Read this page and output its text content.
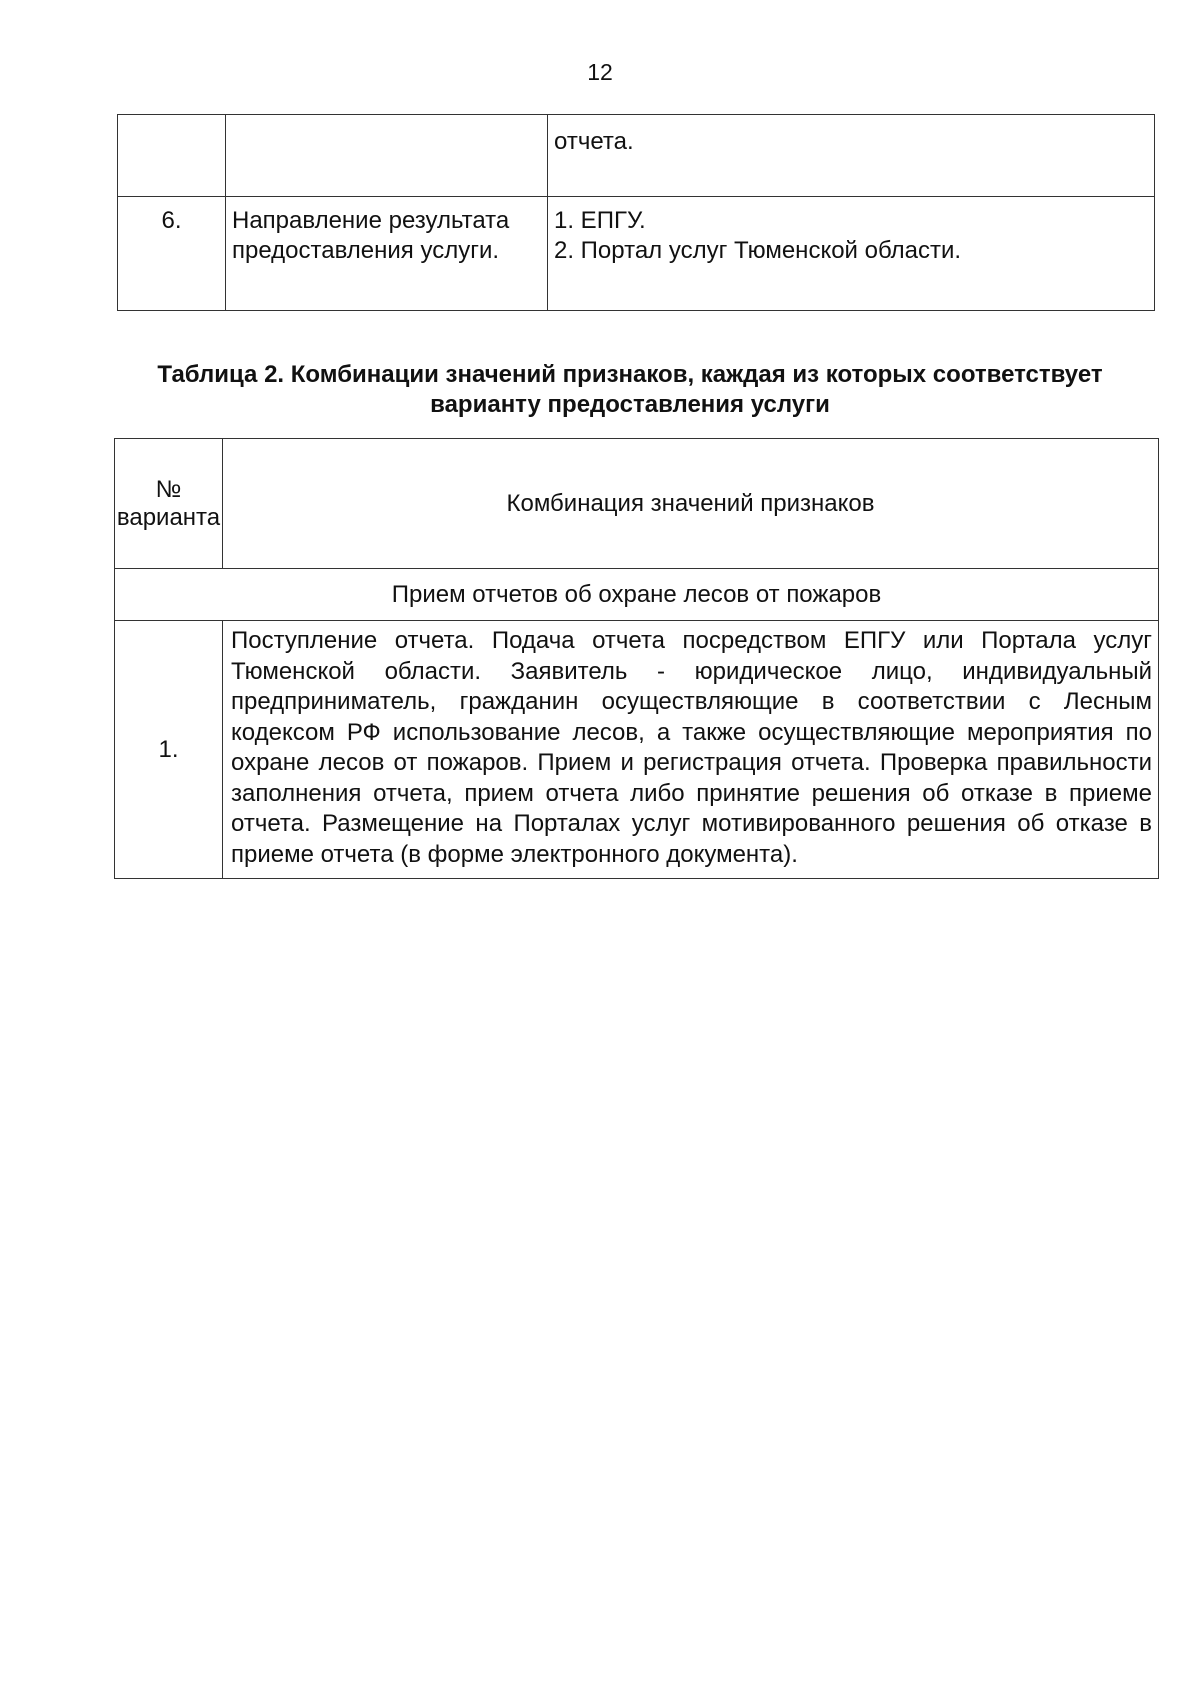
12

		отчета.

6.	Направление результата предоставления услуги.	1. ЕПГУ.
2. Портал услуг Тюменской области.
Таблица 2. Комбинации значений признаков, каждая из которых соответствует варианту предоставления услуги
№ варианта	Комбинация значений признаков
Прием отчетов об охране лесов от пожаров	
1.	Поступление отчета. Подача отчета посредством ЕПГУ или Портала услуг Тюменской области. Заявитель - юридическое лицо, индивидуальный предприниматель, гражданин осуществляющие в соответствии с Лесным кодексом РФ использование лесов, а также осуществляющие мероприятия по охране лесов от пожаров. Прием и регистрация отчета. Проверка правильности заполнения отчета, прием отчета либо принятие решения об отказе в приеме отчета. Размещение на Порталах услуг мотивированного решения об отказе в приеме отчета (в форме электронного документа).
